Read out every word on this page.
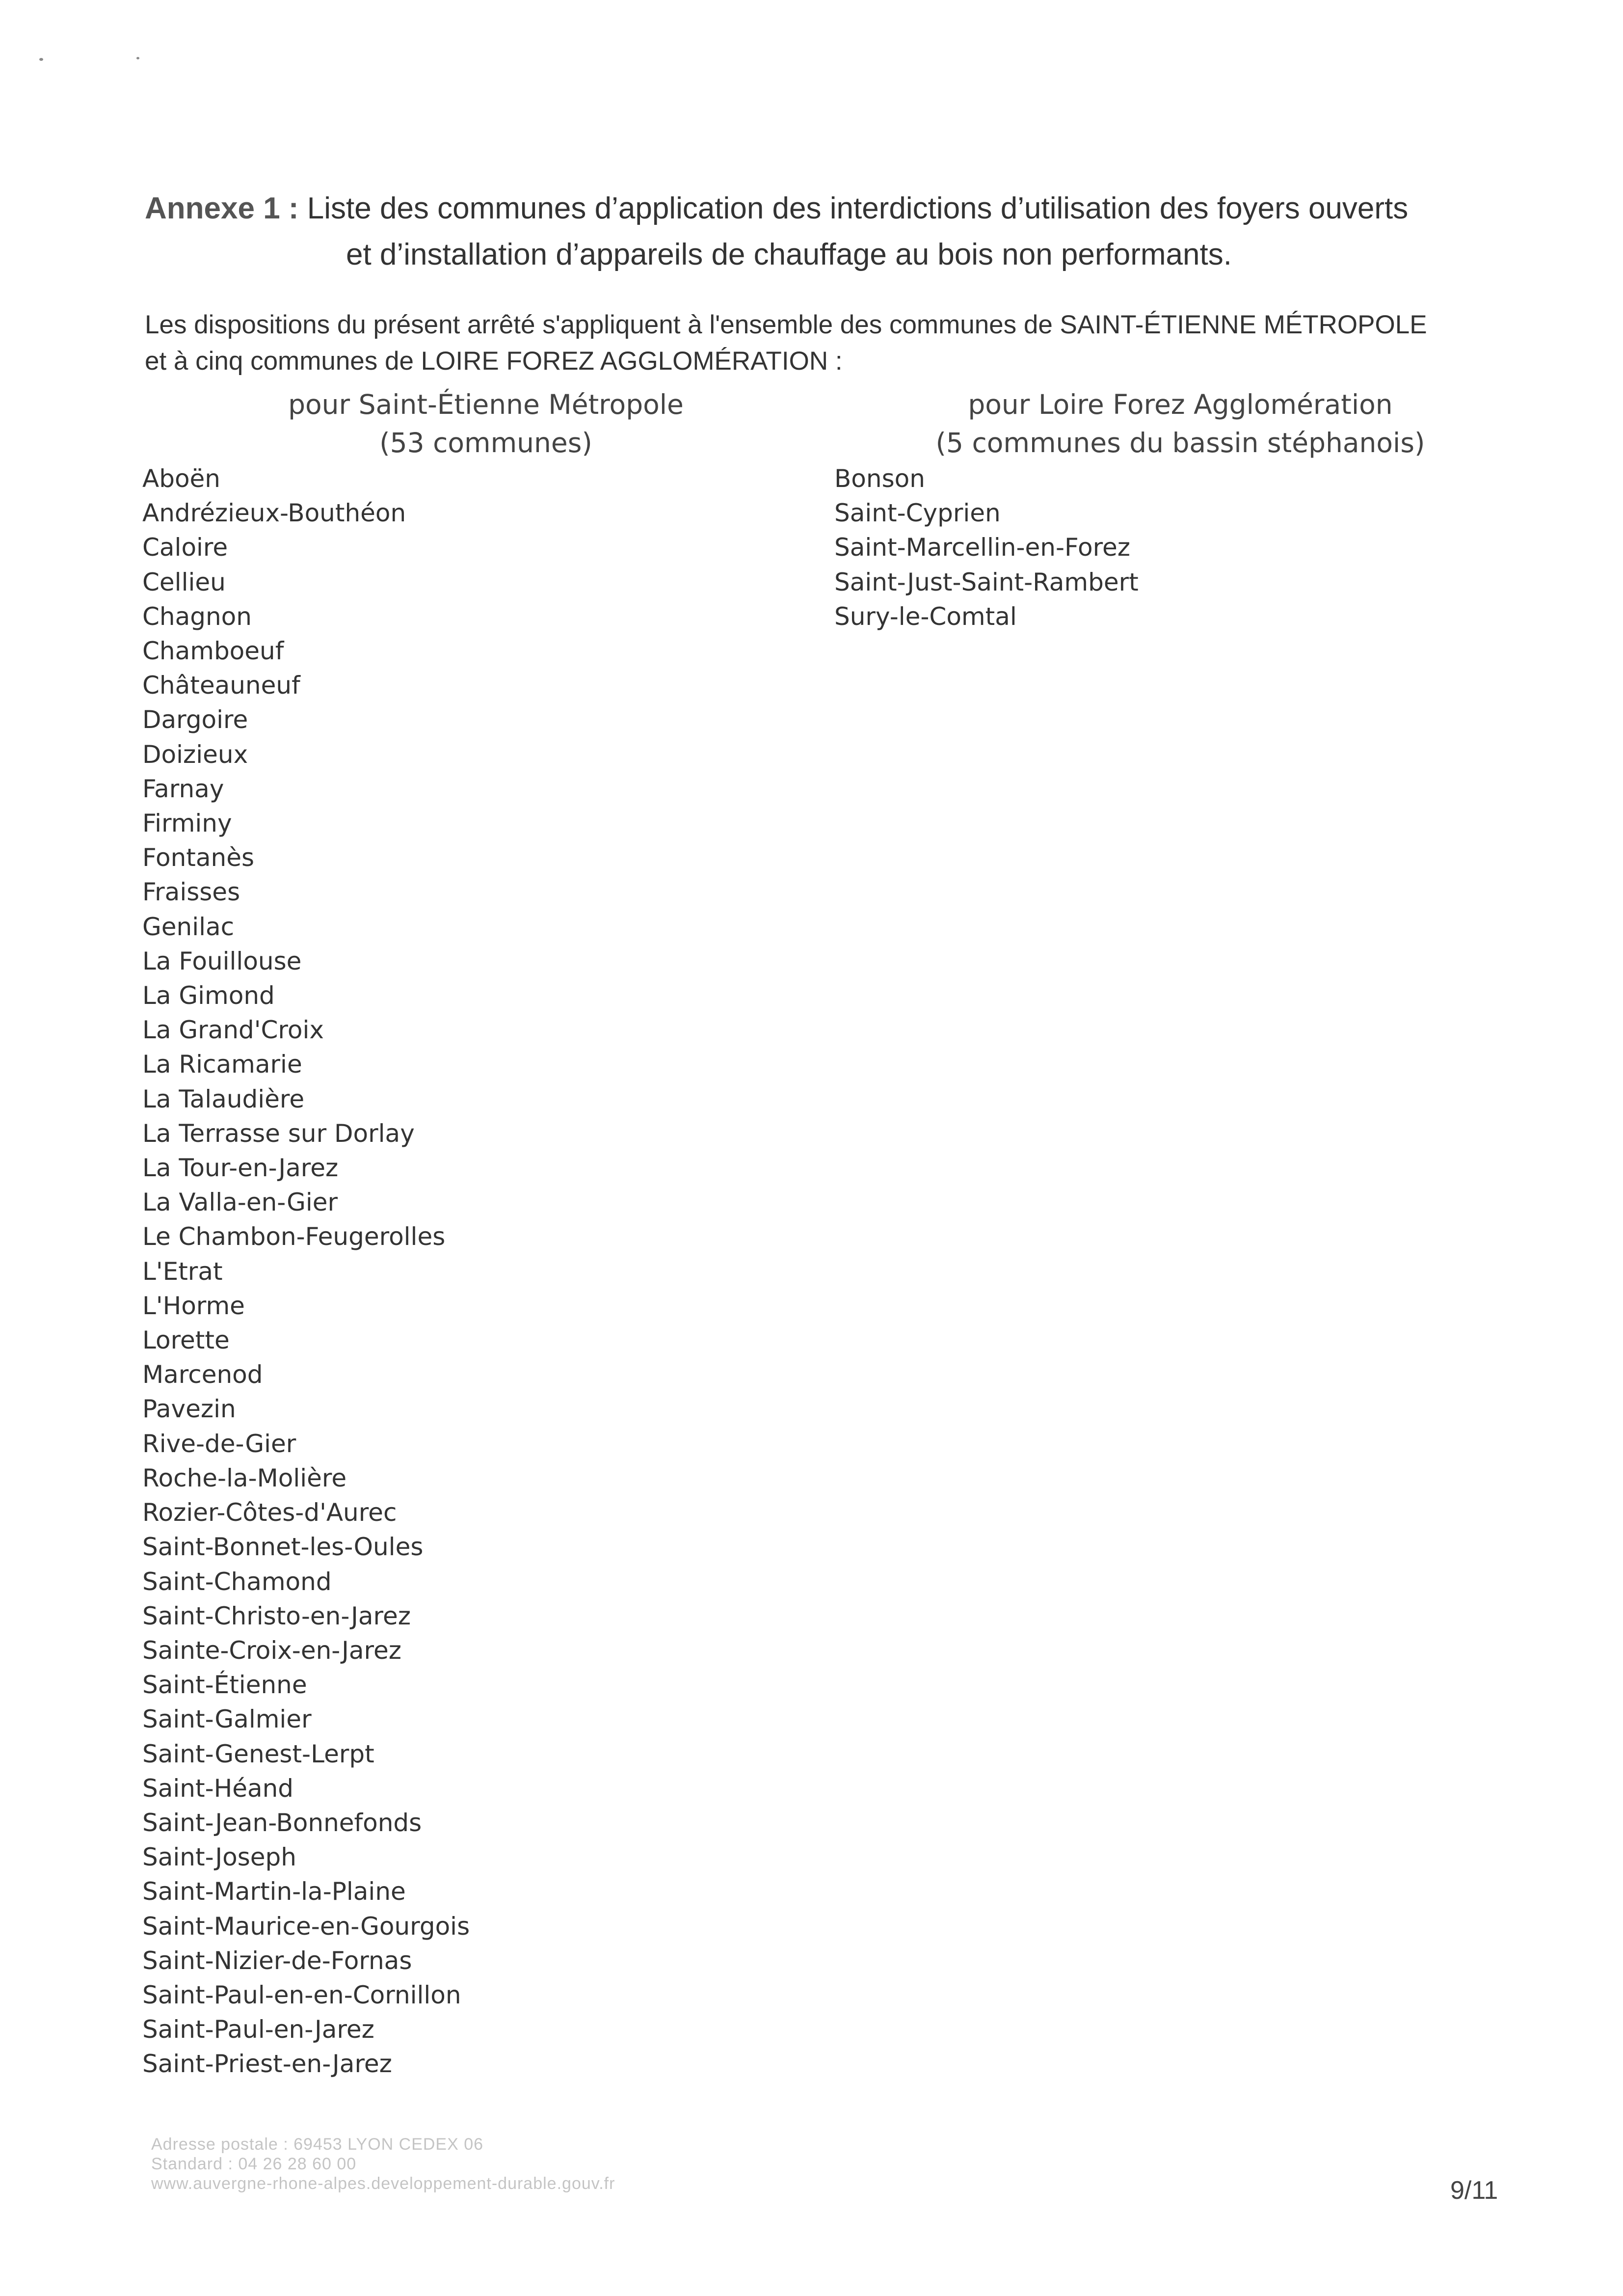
Annexe 1 : Liste des communes d’application des interdictions d’utilisation des foyers ouverts
et d’installation d’appareils de chauffage au bois non performants.
Les dispositions du présent arrêté s'appliquent à l'ensemble des communes de SAINT-ÉTIENNE MÉTROPOLE
et à cinq communes de LOIRE FOREZ AGGLOMÉRATION :
pour Saint-Étienne Métropole
(53 communes)
pour Loire Forez Agglomération
(5 communes du bassin stéphanois)
Aboën
Andrézieux-Bouthéon
Caloire
Cellieu
Chagnon
Chamboeuf
Châteauneuf
Dargoire
Doizieux
Farnay
Firminy
Fontanès
Fraisses
Genilac
La Fouillouse
La Gimond
La Grand'Croix
La Ricamarie
La Talaudière
La Terrasse sur Dorlay
La Tour-en-Jarez
La Valla-en-Gier
Le Chambon-Feugerolles
L'Etrat
L'Horme
Lorette
Marcenod
Pavezin
Rive-de-Gier
Roche-la-Molière
Rozier-Côtes-d'Aurec
Saint-Bonnet-les-Oules
Saint-Chamond
Saint-Christo-en-Jarez
Sainte-Croix-en-Jarez
Saint-Étienne
Saint-Galmier
Saint-Genest-Lerpt
Saint-Héand
Saint-Jean-Bonnefonds
Saint-Joseph
Saint-Martin-la-Plaine
Saint-Maurice-en-Gourgois
Saint-Nizier-de-Fornas
Saint-Paul-en-en-Cornillon
Saint-Paul-en-Jarez
Saint-Priest-en-Jarez
Bonson
Saint-Cyprien
Saint-Marcellin-en-Forez
Saint-Just-Saint-Rambert
Sury-le-Comtal
Adresse postale : 69453 LYON CEDEX 06
Standard : 04 26 28 60 00
www.auvergne-rhone-alpes.developpement-durable.gouv.fr	9/11
